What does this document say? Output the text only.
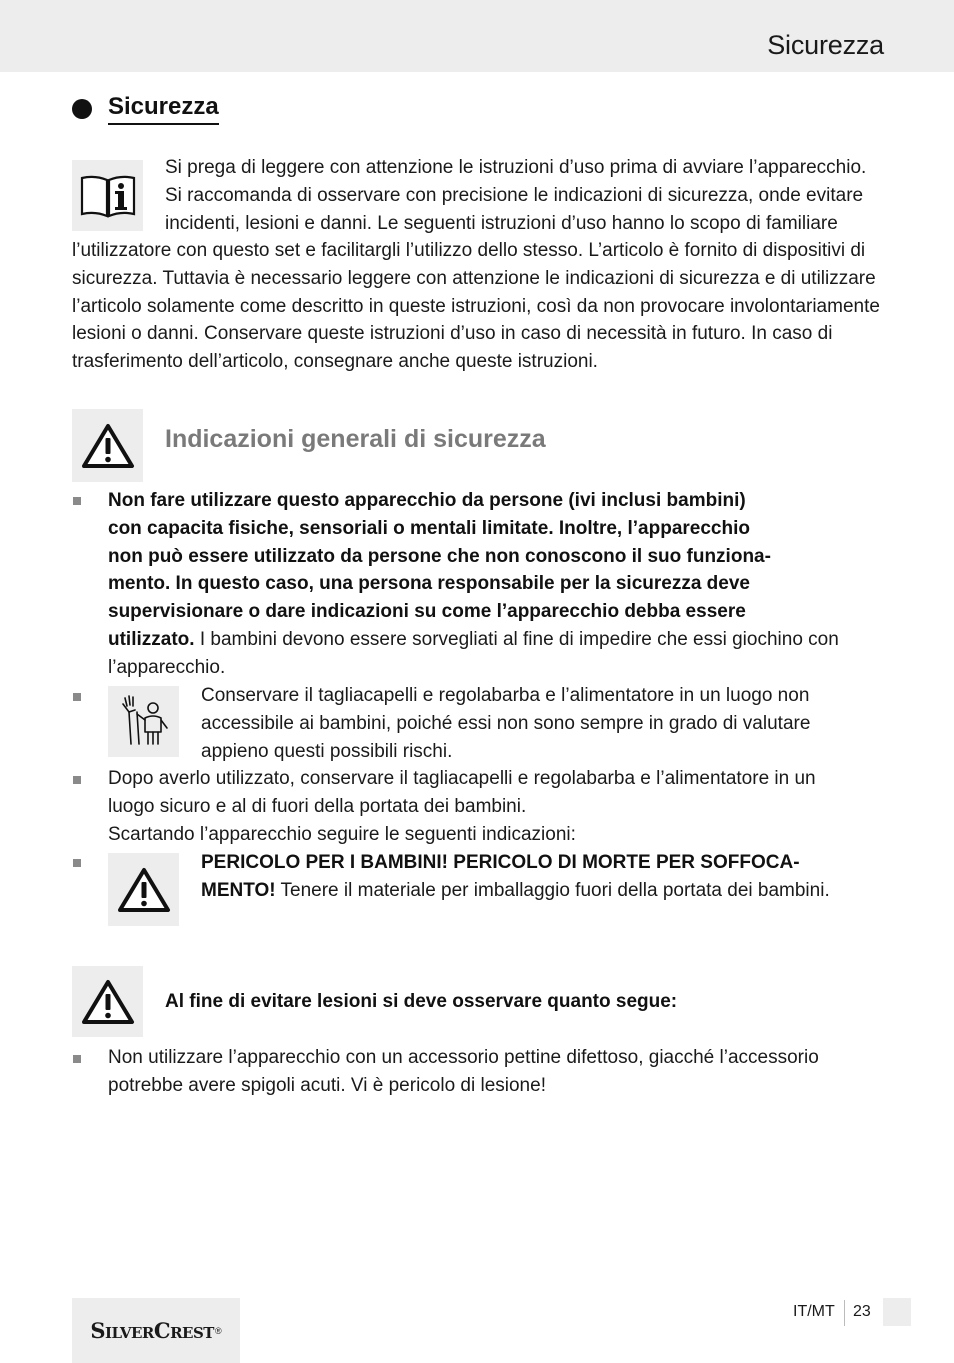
Sicurezza
Sicurezza
Si prega di leggere con attenzione le istruzioni d’uso prima di avviare l’apparecchio.
Si raccomanda di osservare con precisione le indicazioni di sicurezza, onde evitare
incidenti, lesioni e danni. Le seguenti istruzioni d’uso hanno lo scopo di familiare
l’utilizzatore con questo set e facilitargli l’utilizzo dello stesso. L’articolo è fornito di dispositivi di
sicurezza. Tuttavia è necessario leggere con attenzione le indicazioni di sicurezza e di utilizzare
l’articolo solamente come descritto in queste istruzioni, così da non provocare involontariamente
lesioni o danni. Conservare queste istruzioni d’uso in caso di necessità in futuro. In caso di
trasferimento dell’articolo, consegnare anche queste istruzioni.
Indicazioni generali di sicurezza
Non fare utilizzare questo apparecchio da persone (ivi inclusi bambini)
con capacita fisiche, sensoriali o mentali limitate. Inoltre, l’apparecchio
non può essere utilizzato da persone che non conoscono il suo funziona-
mento. In questo caso, una persona responsabile per la sicurezza deve
supervisionare o dare indicazioni su come l’apparecchio debba essere
utilizzato. I bambini devono essere sorvegliati al fine di impedire che essi giochino con
l’apparecchio.
Conservare il tagliacapelli e regolabarba e l’alimentatore in un luogo non
accessibile ai bambini, poiché essi non sono sempre in grado di valutare
appieno questi possibili rischi.
Dopo averlo utilizzato, conservare il tagliacapelli e regolabarba e l’alimentatore in un
luogo sicuro e al di fuori della portata dei bambini.
Scartando l’apparecchio seguire le seguenti indicazioni:
PERICOLO PER I BAMBINI! PERICOLO DI MORTE PER SOFFOCA-
MENTO! Tenere il materiale per imballaggio fuori della portata dei bambini.
Al fine di evitare lesioni si deve osservare quanto segue:
Non utilizzare l’apparecchio con un accessorio pettine difettoso, giacché l’accessorio
potrebbe avere spigoli acuti. Vi è pericolo di lesione!
SilverCrest ®
IT/MT 23
